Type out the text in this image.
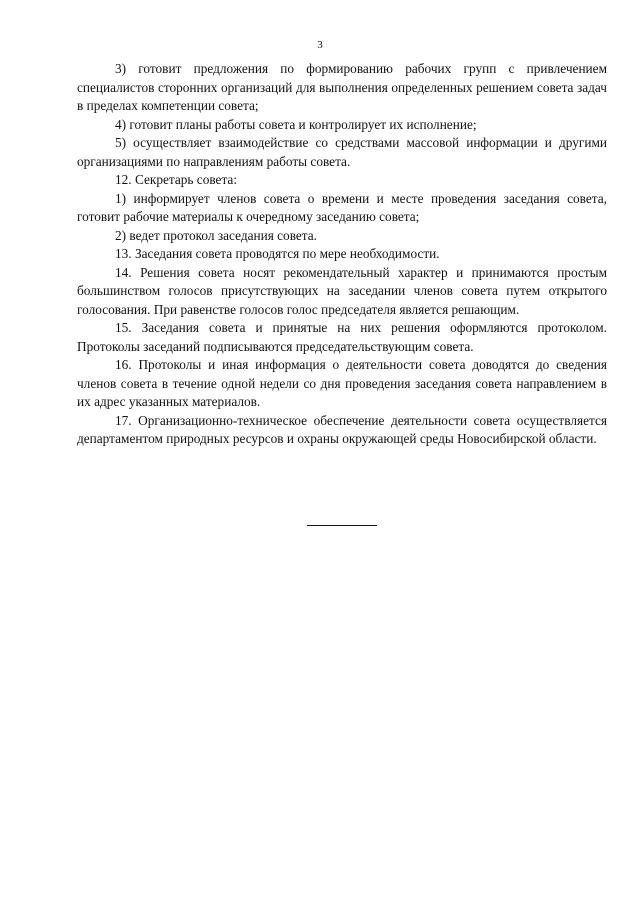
3

3) готовит предложения по формированию рабочих групп с привлечением специалистов сторонних организаций для выполнения определенных решением совета задач в пределах компетенции совета;

4) готовит планы работы совета и контролирует их исполнение;

5) осуществляет взаимодействие со средствами массовой информации и другими организациями по направлениям работы совета.

12. Секретарь совета:

1) информирует членов совета о времени и месте проведения заседания совета, готовит рабочие материалы к очередному заседанию совета;

2) ведет протокол заседания совета.

13. Заседания совета проводятся по мере необходимости.

14. Решения совета носят рекомендательный характер и принимаются простым большинством голосов присутствующих на заседании членов совета путем открытого голосования. При равенстве голосов голос председателя является решающим.

15. Заседания совета и принятые на них решения оформляются протоколом. Протоколы заседаний подписываются председательствующим совета.

16. Протоколы и иная информация о деятельности совета доводятся до сведения членов совета в течение одной недели со дня проведения заседания совета направлением в их адрес указанных материалов.

17. Организационно-техническое обеспечение деятельности совета осуществляется департаментом природных ресурсов и охраны окружающей среды Новосибирской области.
